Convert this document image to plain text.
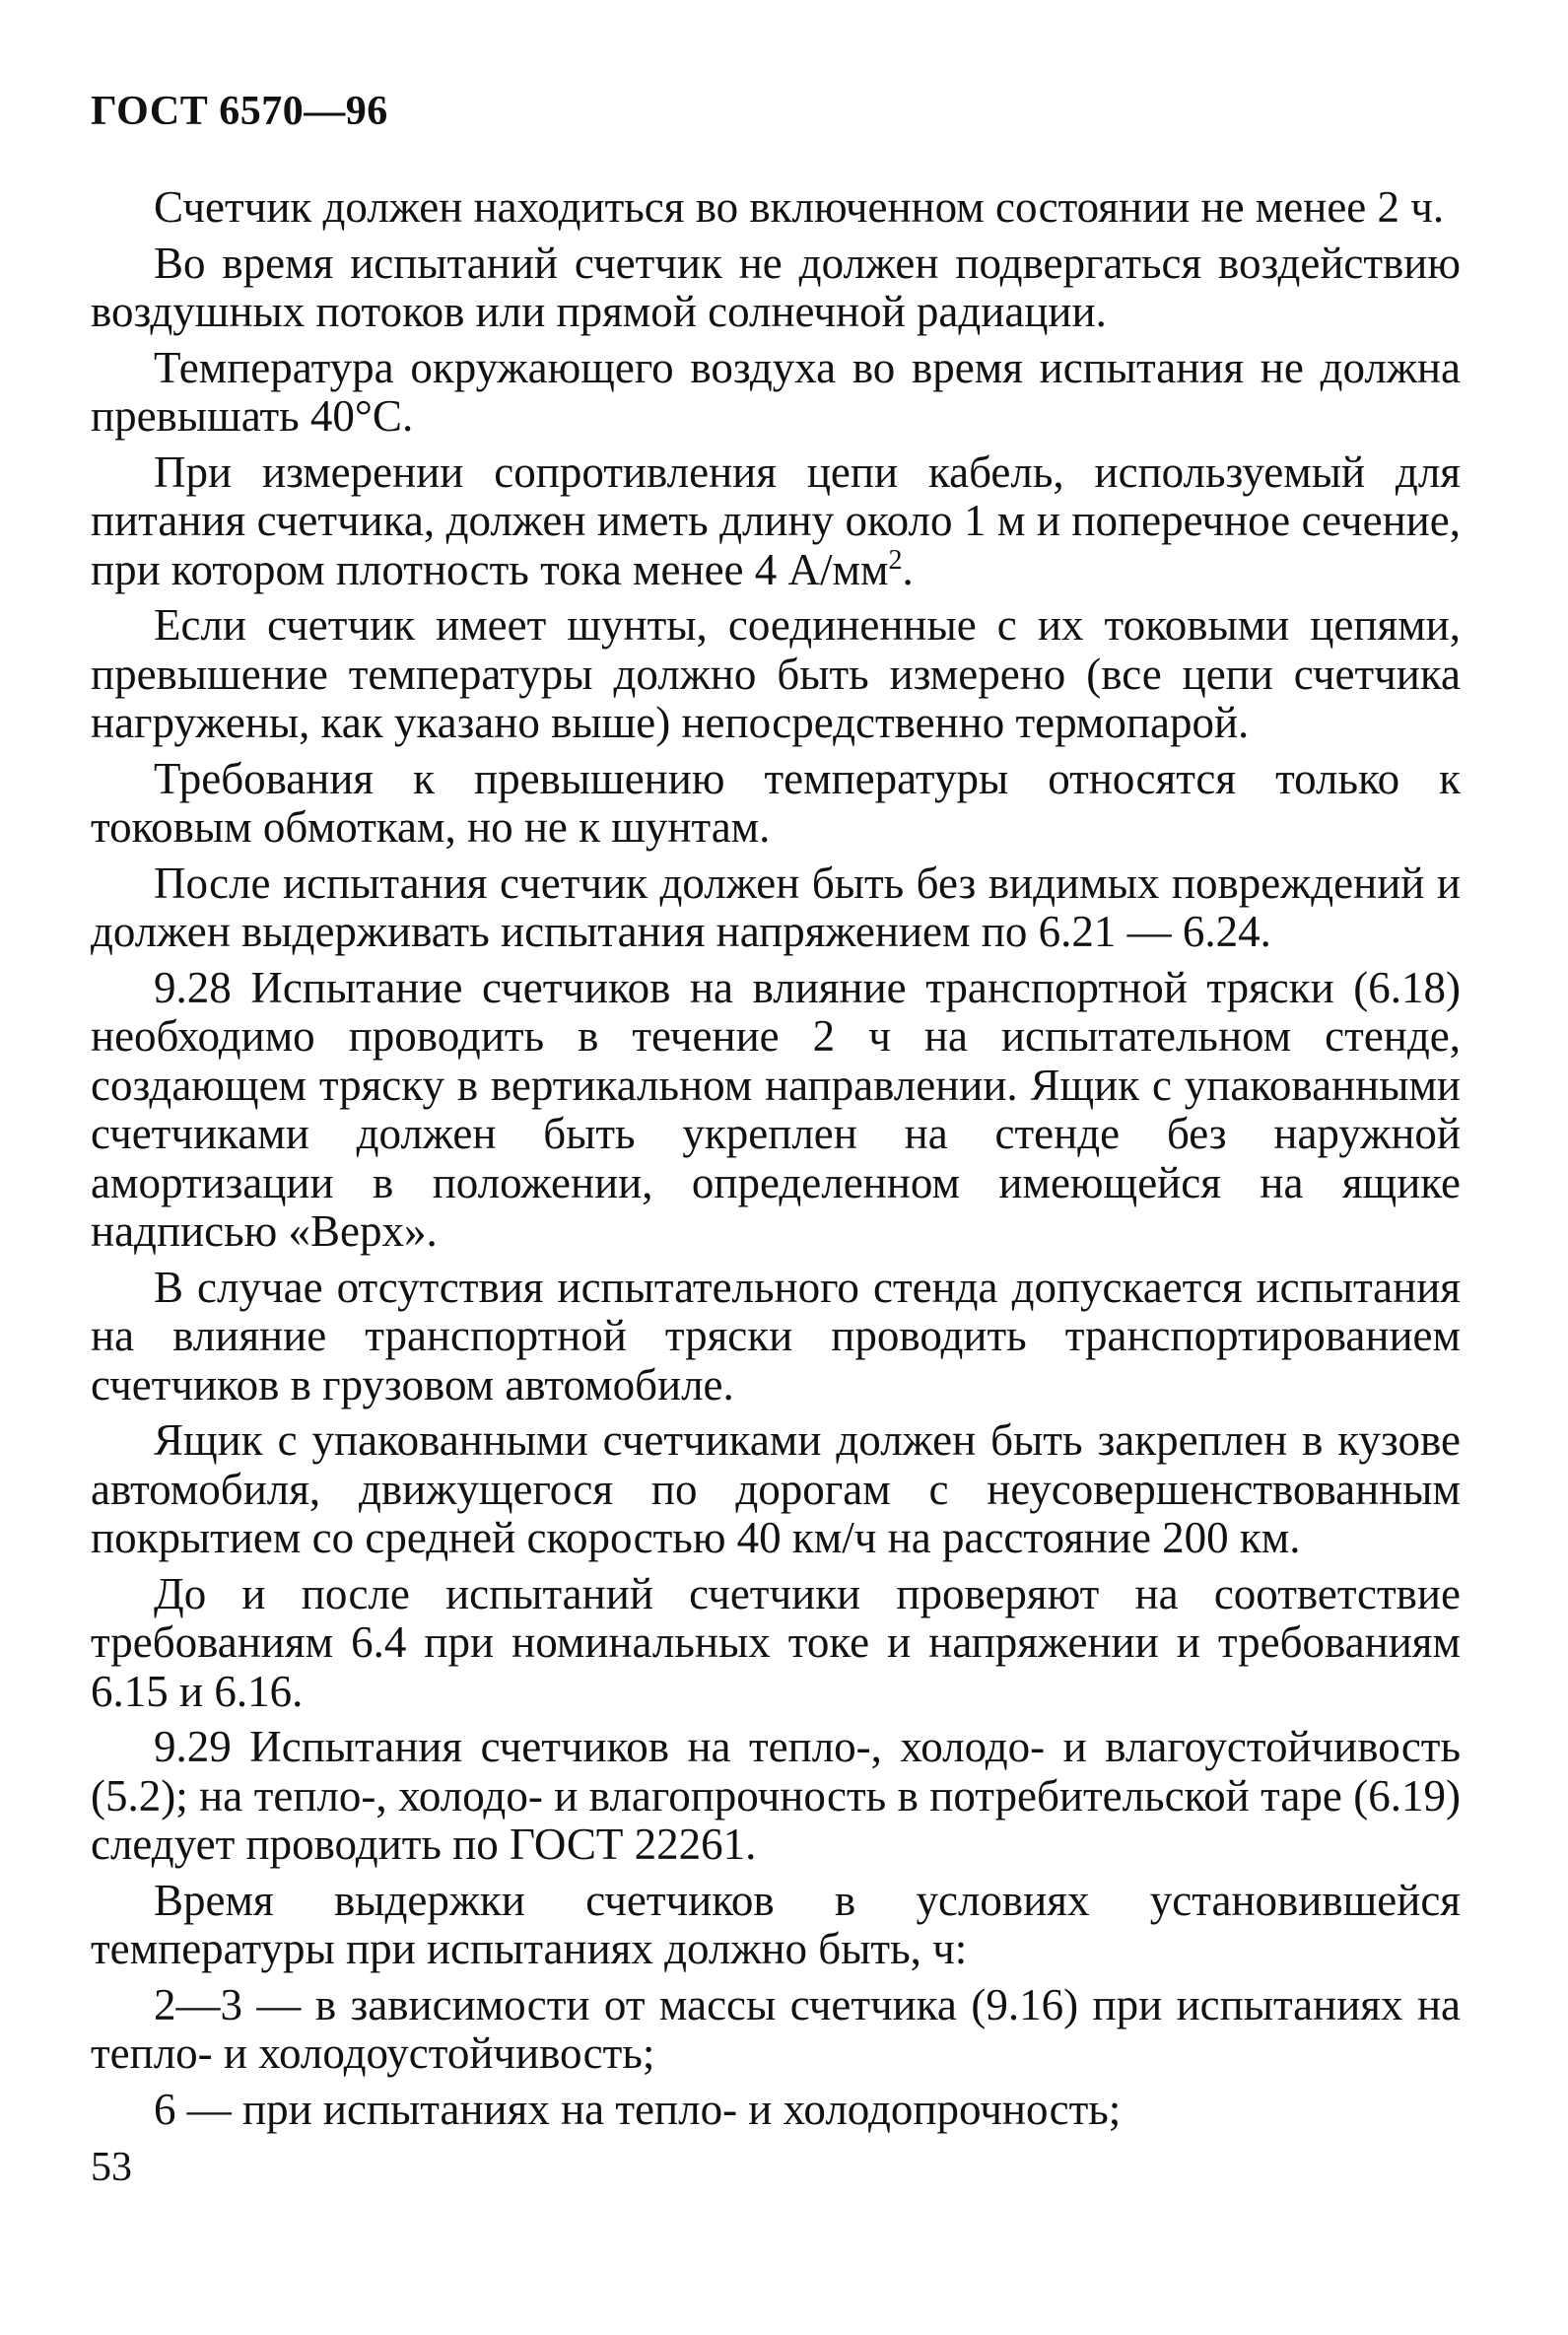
ГОСТ 6570—96

Счетчик должен находиться во включенном состоянии не менее 2 ч.

Во время испытаний счетчик не должен подвергаться воздействию воздушных потоков или прямой солнечной радиации.

Температура окружающего воздуха во время испытания не должна превышать 40°С.

При измерении сопротивления цепи кабель, используемый для питания счетчика, должен иметь длину около 1 м и поперечное сечение, при котором плотность тока менее 4 $А/мм^2$.

Если счетчик имеет шунты, соединенные с их токовыми цепями, превышение температуры должно быть измерено (все цепи счетчика нагружены, как указано выше) непосредственно термопарой.

Требования к превышению температуры относятся только к токовым обмоткам, но не к шунтам.

После испытания счетчик должен быть без видимых повреждений и должен выдерживать испытания напряжением по 6.21 — 6.24.

9.28 Испытание счетчиков на влияние транспортной тряски (6.18) необходимо проводить в течение 2 ч на испытательном стенде, создающем тряску в вертикальном направлении. Ящик с упакованными счетчиками должен быть укреплен на стенде без наружной амортизации в положении, определенном имеющейся на ящике надписью «Верх».

В случае отсутствия испытательного стенда допускается испытания на влияние транспортной тряски проводить транспортированием счетчиков в грузовом автомобиле.

Ящик с упакованными счетчиками должен быть закреплен в кузове автомобиля, движущегося по дорогам с неусовершенствованным покрытием со средней скоростью 40 км/ч на расстояние 200 км.

До и после испытаний счетчики проверяют на соответствие требованиям 6.4 при номинальных токе и напряжении и требованиям 6.15 и 6.16.

9.29 Испытания счетчиков на тепло-, холодо- и влагоустойчивость (5.2); на тепло-, холодо- и влагопрочность в потребительской таре (6.19) следует проводить по ГОСТ 22261.

Время выдержки счетчиков в условиях установившейся температуры при испытаниях должно быть, ч:

2—3 — в зависимости от массы счетчика (9.16) при испытаниях на тепло- и холодоустойчивость;

6 — при испытаниях на тепло- и холодопрочность;

53
